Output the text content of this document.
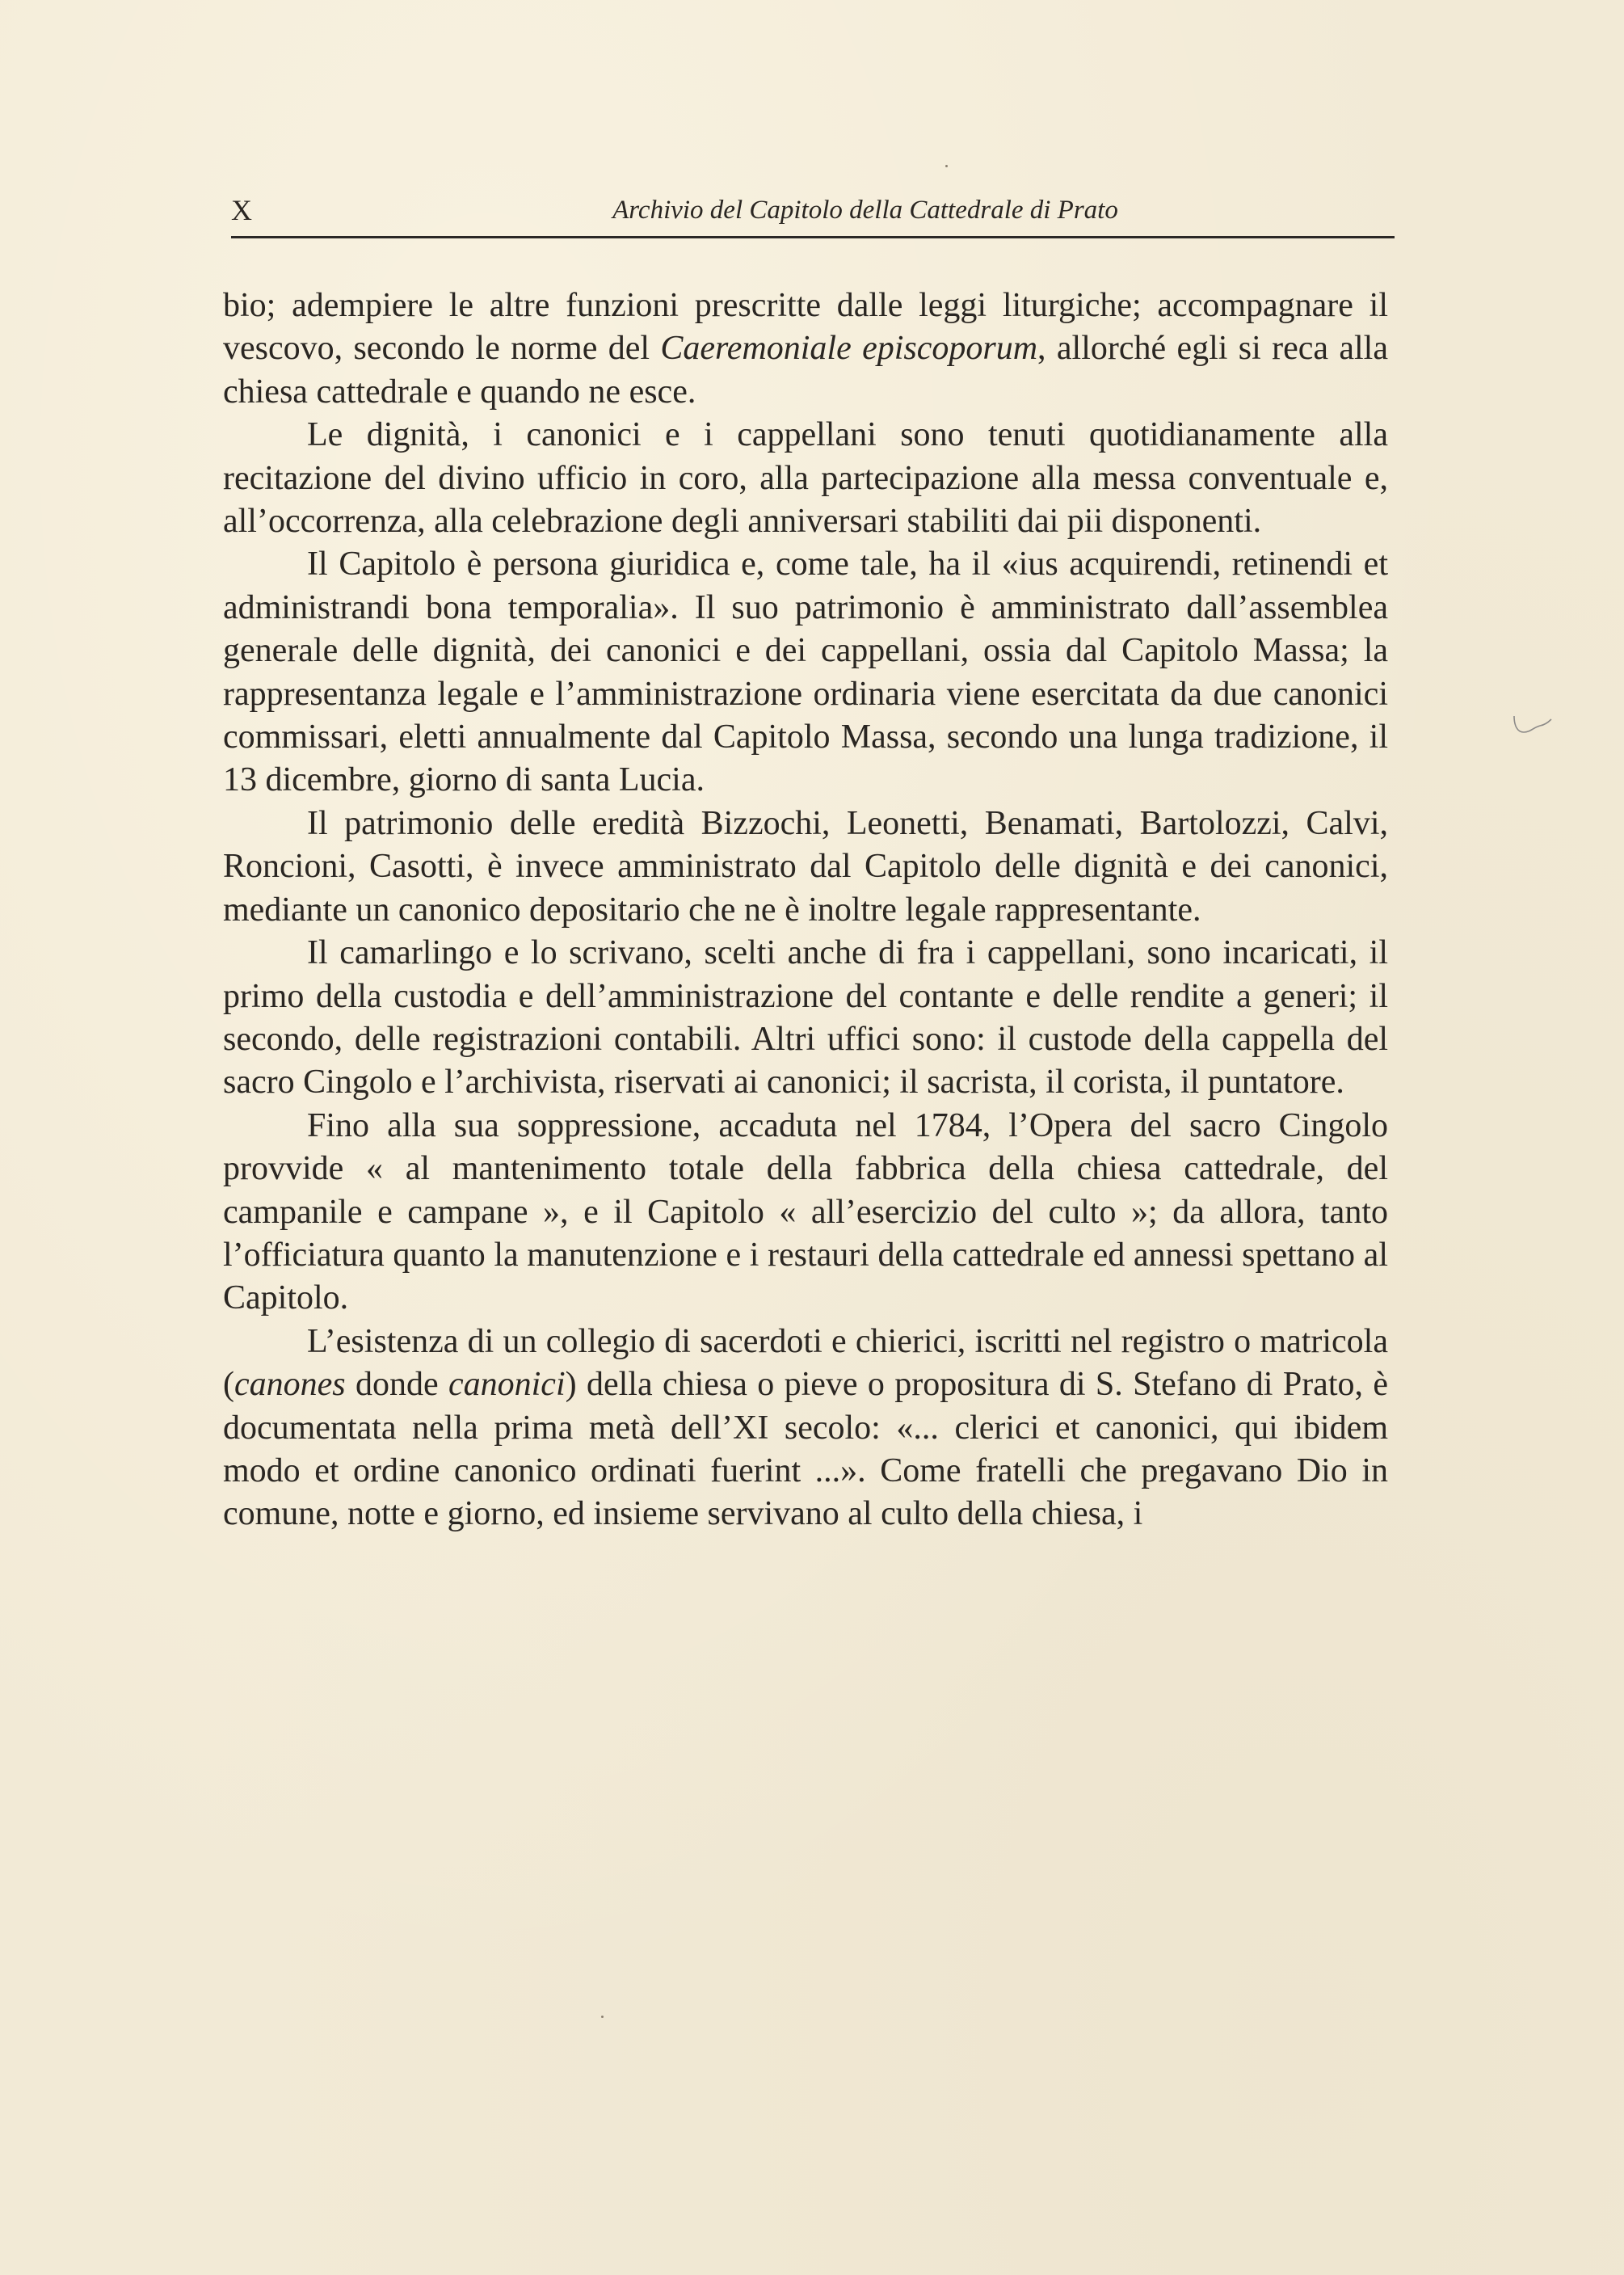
X	Archivio del Capitolo della Cattedrale di Prato

bio; adempiere le altre funzioni prescritte dalle leggi liturgiche; accompagnare il vescovo, secondo le norme del Caeremoniale episcoporum, allorché egli si reca alla chiesa cattedrale e quando ne esce.

Le dignità, i canonici e i cappellani sono tenuti quotidianamente alla recitazione del divino ufficio in coro, alla partecipazione alla messa conventuale e, all’occorrenza, alla celebrazione degli anniversari stabiliti dai pii disponenti.

Il Capitolo è persona giuridica e, come tale, ha il «ius acquirendi, retinendi et administrandi bona temporalia». Il suo patrimonio è amministrato dall’assemblea generale delle dignità, dei canonici e dei cappellani, ossia dal Capitolo Massa; la rappresentanza legale e l’amministrazione ordinaria viene esercitata da due canonici commissari, eletti annualmente dal Capitolo Massa, secondo una lunga tradizione, il 13 dicembre, giorno di santa Lucia.

Il patrimonio delle eredità Bizzochi, Leonetti, Benamati, Bartolozzi, Calvi, Roncioni, Casotti, è invece amministrato dal Capitolo delle dignità e dei canonici, mediante un canonico depositario che ne è inoltre legale rappresentante.

Il camarlingo e lo scrivano, scelti anche di fra i cappellani, sono incaricati, il primo della custodia e dell’amministrazione del contante e delle rendite a generi; il secondo, delle registrazioni contabili. Altri uffici sono: il custode della cappella del sacro Cingolo e l’archivista, riservati ai canonici; il sacrista, il corista, il puntatore.

Fino alla sua soppressione, accaduta nel 1784, l’Opera del sacro Cingolo provvide « al mantenimento totale della fabbrica della chiesa cattedrale, del campanile e campane », e il Capitolo « all’esercizio del culto »; da allora, tanto l’officiatura quanto la manutenzione e i restauri della cattedrale ed annessi spettano al Capitolo.

L’esistenza di un collegio di sacerdoti e chierici, iscritti nel registro o matricola (canones donde canonici) della chiesa o pieve o propositura di S. Stefano di Prato, è documentata nella prima metà dell’XI secolo: «... clerici et canonici, qui ibidem modo et ordine canonico ordinati fuerint ...». Come fratelli che pregavano Dio in comune, notte e giorno, ed insieme servivano al culto della chiesa, i
